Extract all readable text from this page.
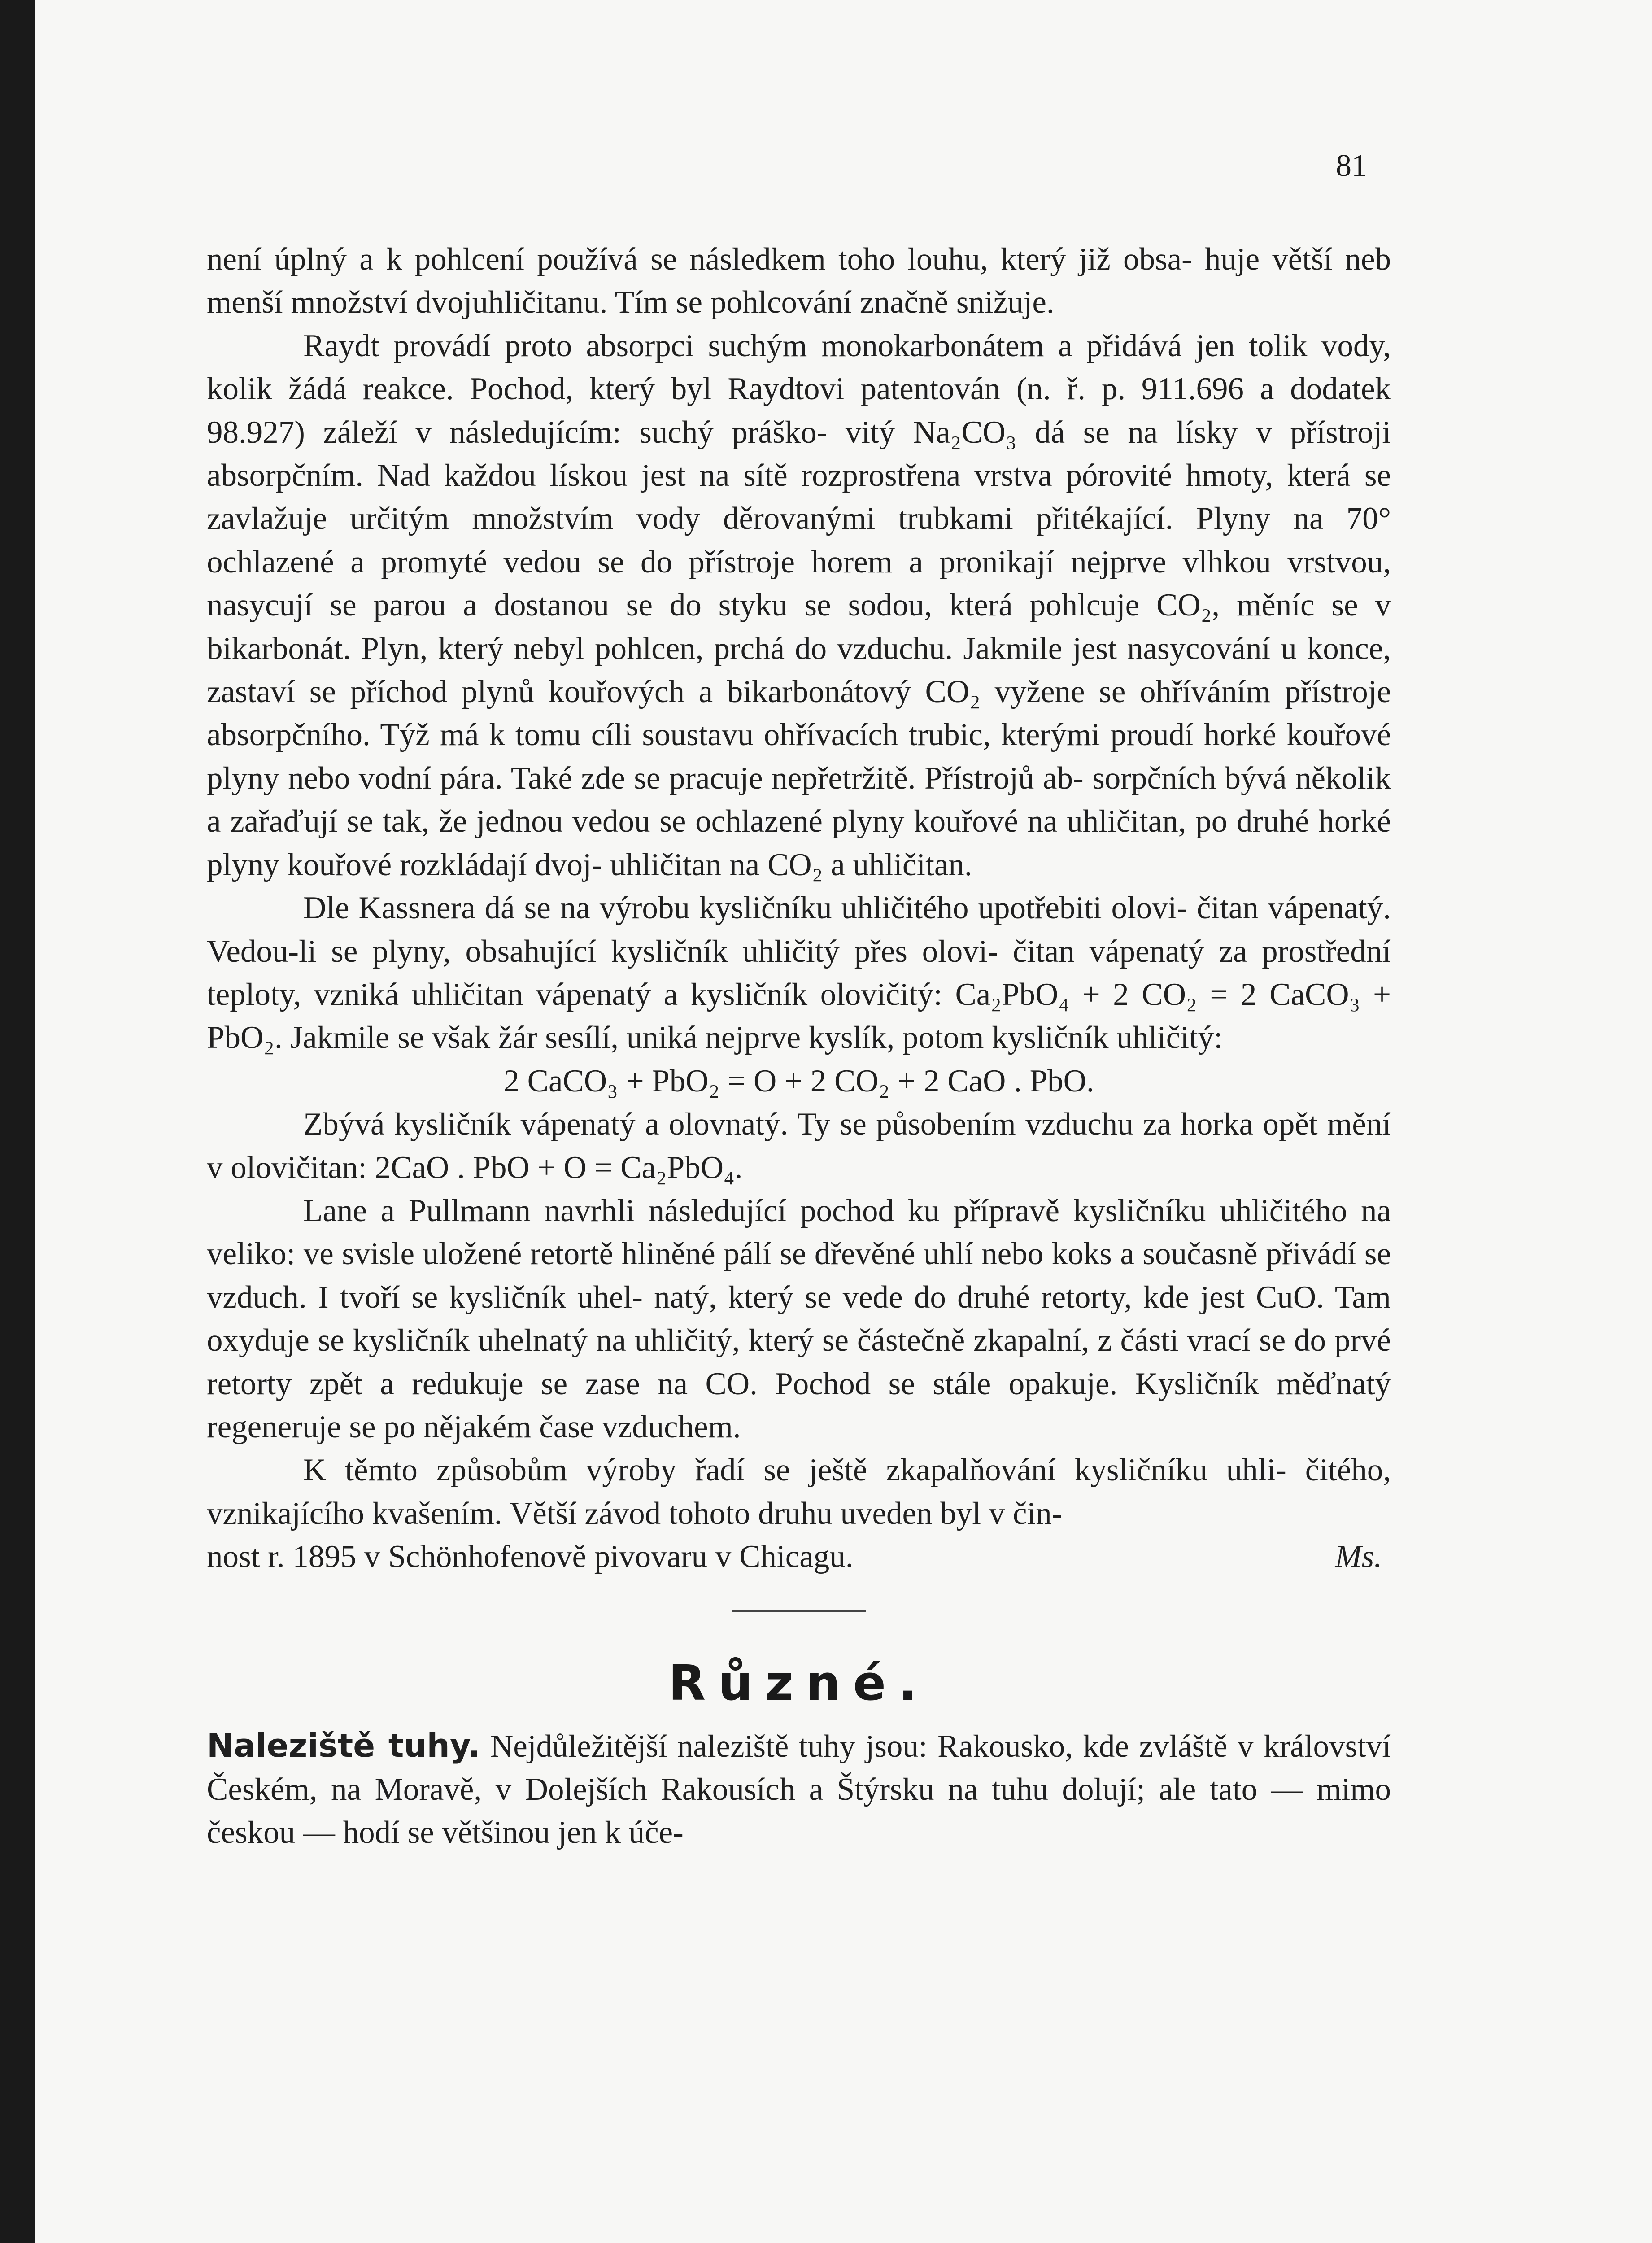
81

není úplný a k pohlcení používá se následkem toho louhu, který již obsa- huje větší neb menší množství dvojuhličitanu. Tím se pohlcování značně snižuje.

Raydt provádí proto absorpci suchým monokarbonátem a přidává jen tolik vody, kolik žádá reakce. Pochod, který byl Raydtovi patentován (n. ř. p. 911.696 a dodatek 98.927) záleží v následujícím: suchý práško- vitý Na₂CO₃ dá se na lísky v přístroji absorpčním. Nad každou lískou jest na sítě rozprostřena vrstva pórovité hmoty, která se zavlažuje určitým množstvím vody děrovanými trubkami přitékající. Plyny na 70° ochlazené a promyté vedou se do přístroje horem a pronikají nejprve vlhkou vrstvou, nasycují se parou a dostanou se do styku se sodou, která pohlcuje CO₂, měníc se v bikarbonát. Plyn, který nebyl pohlcen, prchá do vzduchu. Jakmile jest nasycování u konce, zastaví se příchod plynů kouřových a bikarbonátový CO₂ vyžene se ohříváním přístroje absorpčního. Týž má k tomu cíli soustavu ohřívacích trubic, kterými proudí horké kouřové plyny nebo vodní pára. Také zde se pracuje nepřetržitě. Přístrojů ab- sorpčních bývá několik a zařaďují se tak, že jednou vedou se ochlazené plyny kouřové na uhličitan, po druhé horké plyny kouřové rozkládají dvoj- uhličitan na CO₂ a uhličitan.

Dle Kassnera dá se na výrobu kysličníku uhličitého upotřebiti olovi- čitan vápenatý. Vedou-li se plyny, obsahující kysličník uhličitý přes olovi- čitan vápenatý za prostřední teploty, vzniká uhličitan vápenatý a kysličník olovičitý: Ca₂PbO₄ + 2 CO₂ = 2 CaCO₃ + PbO₂. Jakmile se však žár sesílí, uniká nejprve kyslík, potom kysličník uhličitý:

2 CaCO₃ + PbO₂ = O + 2 CO₂ + 2 CaO . PbO.

Zbývá kysličník vápenatý a olovnatý. Ty se působením vzduchu za horka opět mění v olovičitan: 2CaO . PbO + O = Ca₂PbO₄.

Lane a Pullmann navrhli následující pochod ku přípravě kysličníku uhličitého na veliko: ve svisle uložené retortě hliněné pálí se dřevěné uhlí nebo koks a současně přivádí se vzduch. I tvoří se kysličník uhel- natý, který se vede do druhé retorty, kde jest CuO. Tam oxyduje se kysličník uhelnatý na uhličitý, který se částečně zkapalní, z části vrací se do prvé retorty zpět a redukuje se zase na CO. Pochod se stále opakuje. Kysličník měďnatý regeneruje se po nějakém čase vzduchem.

K těmto způsobům výroby řadí se ještě zkapalňování kysličníku uhli- čitého, vznikajícího kvašením. Větší závod tohoto druhu uveden byl v čin-

nost r. 1895 v Schönhofenově pivovaru v Chicagu.	Ms.
Různé.

Naleziště tuhy. Nejdůležitější naleziště tuhy jsou: Rakousko, kde zvláště v království Českém, na Moravě, v Dolejších Rakousích a Štýrsku na tuhu dolují; ale tato — mimo českou — hodí se většinou jen k úče-
